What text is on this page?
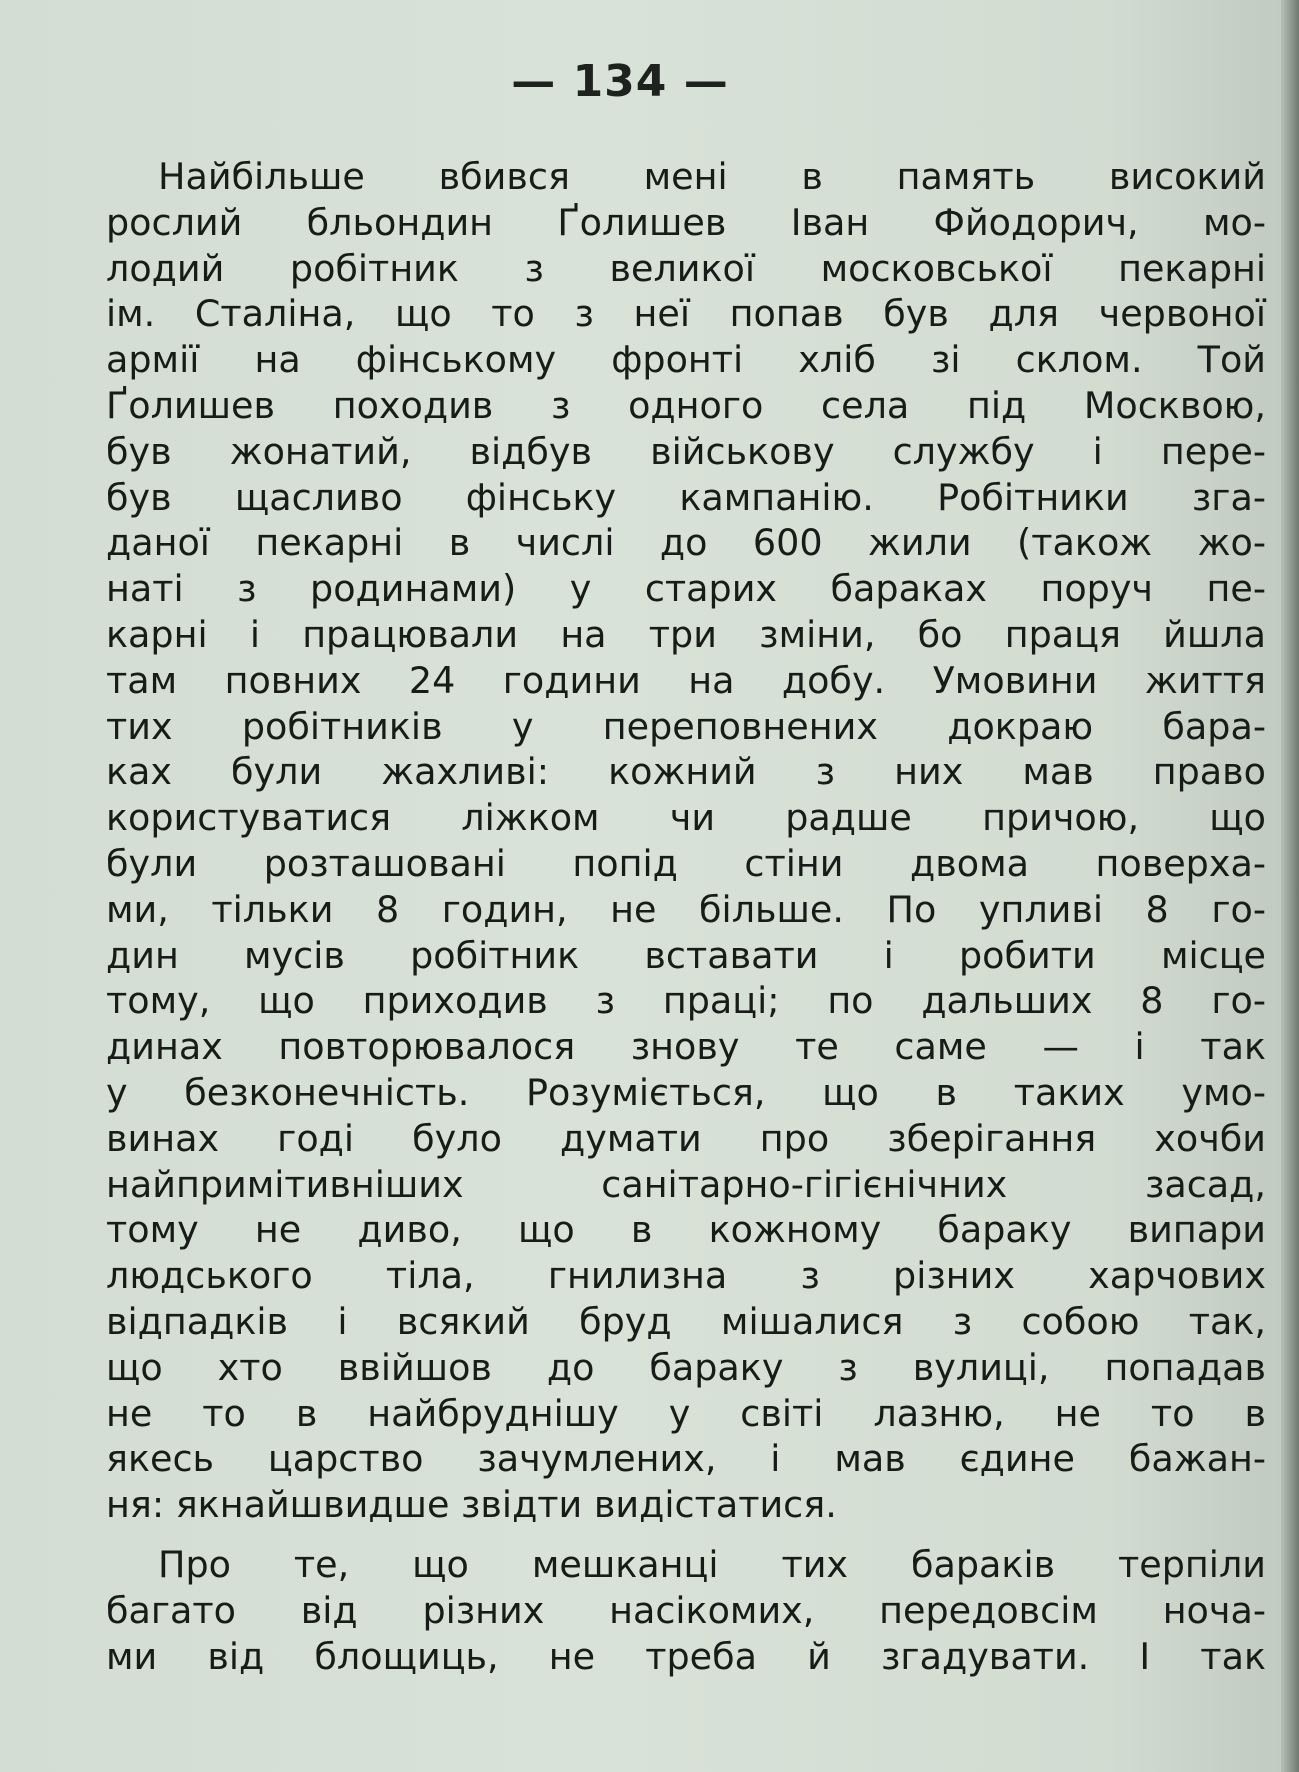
— 134 —

Найбільше вбився мені в память високий
рослий бльондин Ґолишев Іван Фйодорич, мо-
лодий робітник з великої московської пекарні
ім. Сталіна, що то з неї попав був для червоної
армії на фінському фронті хліб зі склом. Той
Ґолишев походив з одного села під Москвою,
був жонатий, відбув військову службу і пере-
був щасливо фінську кампанію. Робітники зга-
даної пекарні в числі до 600 жили (також жо-
наті з родинами) у старих бараках поруч пе-
карні і працювали на три зміни, бо праця йшла
там повних 24 години на добу. Умовини життя
тих робітників у переповнених докраю бара-
ках були жахливі: кожний з них мав право
користуватися ліжком чи радше причою, що
були розташовані попід стіни двома поверха-
ми, тільки 8 годин, не більше. По упливі 8 го-
дин мусів робітник вставати і робити місце
тому, що приходив з праці; по дальших 8 го-
динах повторювалося знову те саме — і так
у безконечність. Розуміється, що в таких умо-
винах годі було думати про зберігання хочби
найпримітивніших санітарно-гігієнічних засад,
тому не диво, що в кожному бараку випари
людського тіла, гнилизна з різних харчових
відпадків і всякий бруд мішалися з собою так,
що хто ввійшов до бараку з вулиці, попадав
не то в найбруднішу у світі лазню, не то в
якесь царство зачумлених, і мав єдине бажан-
ня: якнайшвидше звідти видістатися.

Про те, що мешканці тих бараків терпіли
багато від різних насікомих, передовсім ноча-
ми від блощиць, не треба й згадувати. І так
